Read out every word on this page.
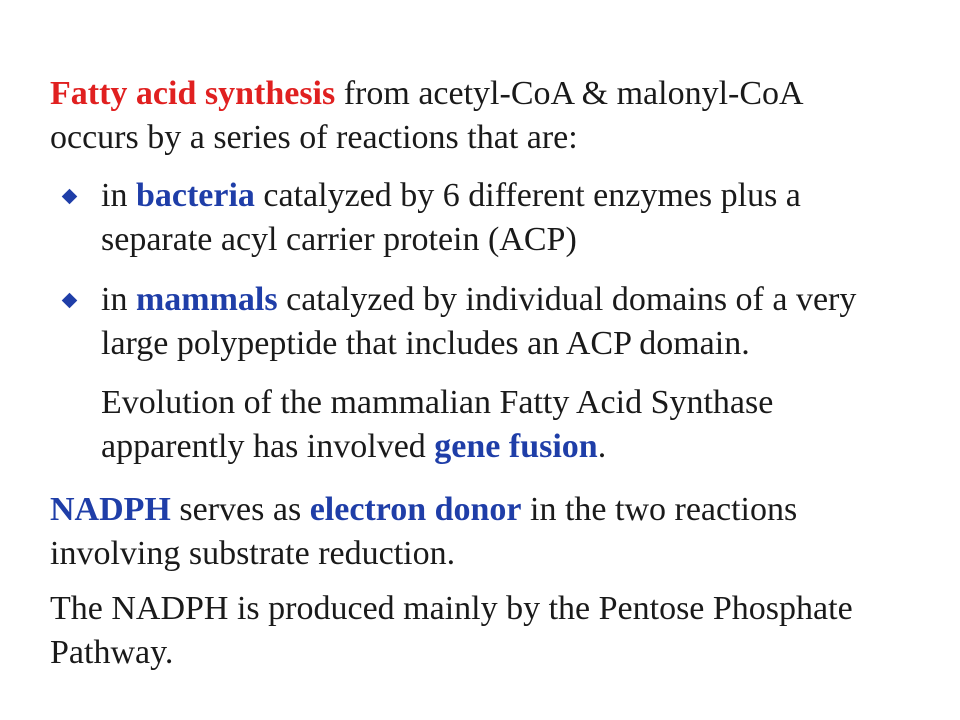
Fatty acid synthesis from acetyl-CoA & malonyl-CoA
occurs by a series of reactions that are:

in bacteria catalyzed by 6 different enzymes plus a
separate acyl carrier protein (ACP)

in mammals catalyzed by individual domains of a very
large polypeptide that includes an ACP domain.

Evolution of the mammalian Fatty Acid Synthase
apparently has involved gene fusion.

NADPH serves as electron donor in the two reactions
involving substrate reduction.

The NADPH is produced mainly by the Pentose Phosphate
Pathway.
